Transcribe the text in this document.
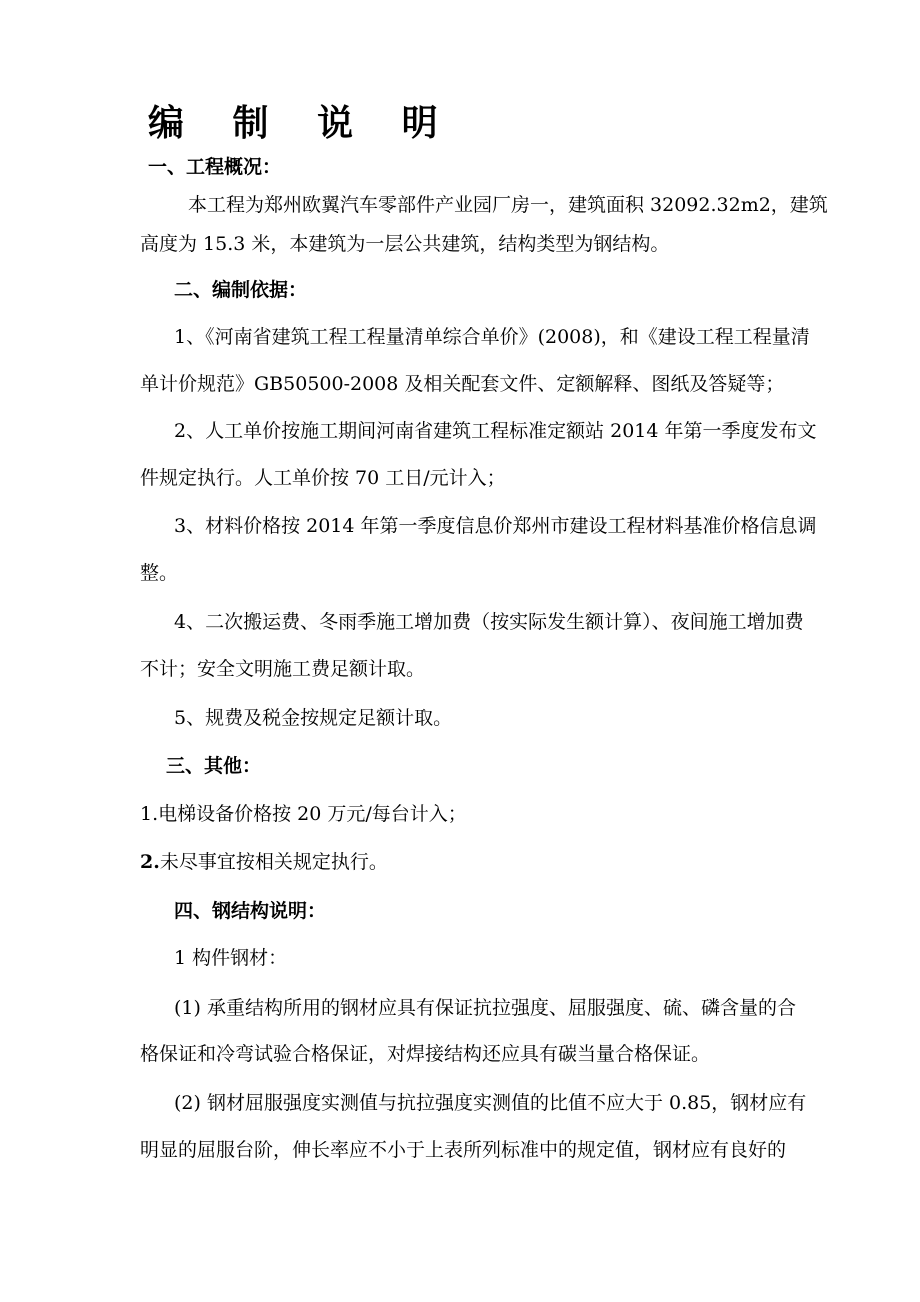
编 制 说 明

一、工程概况：

本工程为郑州欧翼汽车零部件产业园厂房一，建筑面积 32092.32m2，建筑

高度为 15.3 米，本建筑为一层公共建筑，结构类型为钢结构。

二、编制依据：

1、《河南省建筑工程工程量清单综合单价》(2008)，和《建设工程工程量清

单计价规范》GB50500-2008 及相关配套文件、定额解释、图纸及答疑等；

2、人工单价按施工期间河南省建筑工程标准定额站 2014 年第一季度发布文

件规定执行。人工单价按 70 工日/元计入；

3、材料价格按 2014 年第一季度信息价郑州市建设工程材料基准价格信息调

整。

4、二次搬运费、冬雨季施工增加费（按实际发生额计算）、夜间施工增加费

不计；安全文明施工费足额计取。

5、规费及税金按规定足额计取。

三、其他：

1.电梯设备价格按 20 万元/每台计入；

2.未尽事宜按相关规定执行。

四、钢结构说明：

1 构件钢材：

(1) 承重结构所用的钢材应具有保证抗拉强度、屈服强度、硫、磷含量的合

格保证和冷弯试验合格保证，对焊接结构还应具有碳当量合格保证。

(2) 钢材屈服强度实测值与抗拉强度实测值的比值不应大于 0.85，钢材应有

明显的屈服台阶，伸长率应不小于上表所列标准中的规定值，钢材应有良好的
